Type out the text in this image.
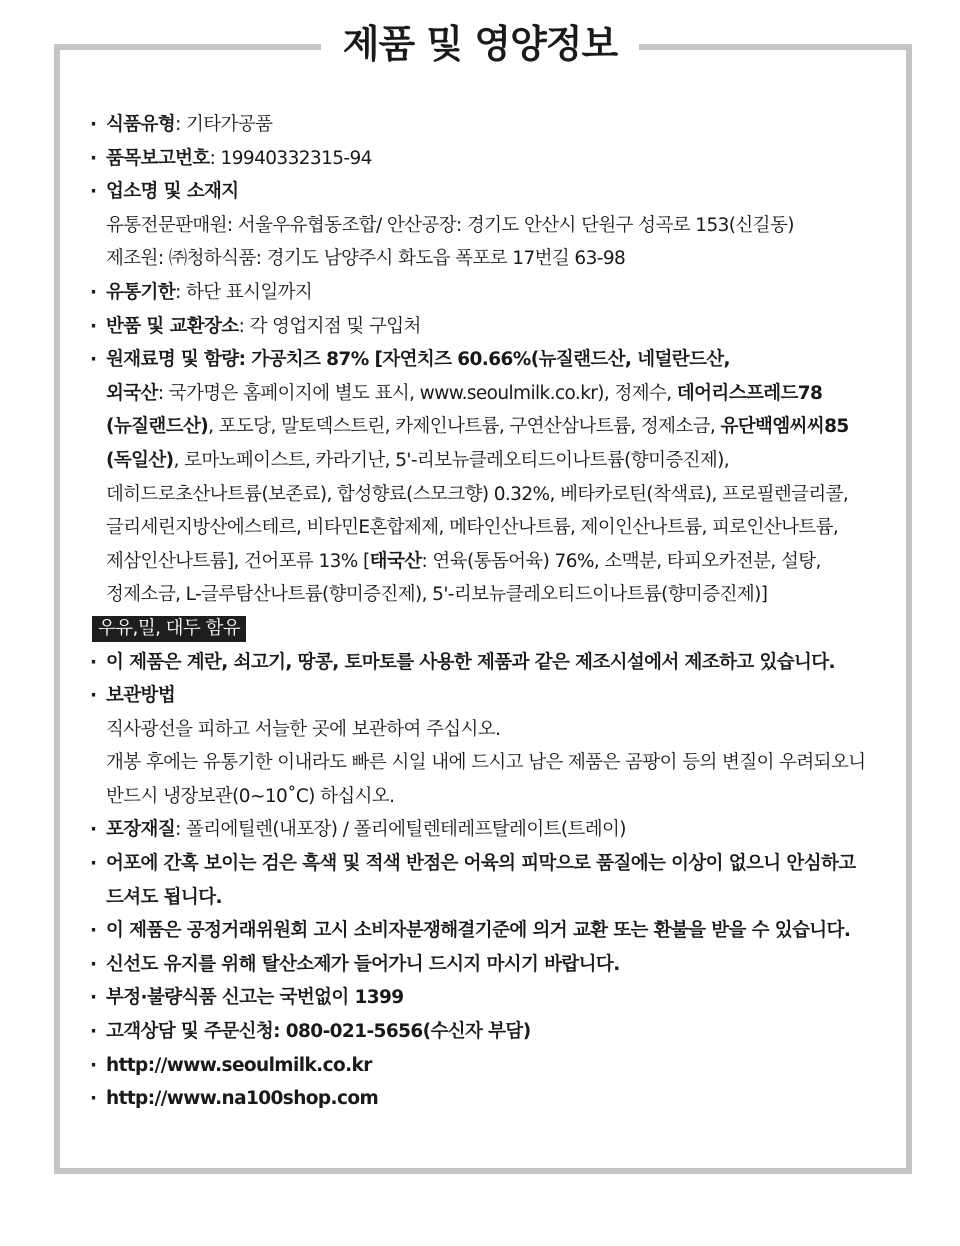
제품 및 영양정보
· 식품유형: 기타가공품
· 품목보고번호: 19940332315-94
· 업소명 및 소재지
유통전문판매원: 서울우유협동조합/ 안산공장: 경기도 안산시 단원구 성곡로 153(신길동)
제조원: ㈜청하식품: 경기도 남양주시 화도읍 폭포로 17번길 63-98
· 유통기한: 하단 표시일까지
· 반품 및 교환장소: 각 영업지점 및 구입처
· 원재료명 및 함량: 가공치즈 87% [자연치즈 60.66%(뉴질랜드산, 네덜란드산,
외국산: 국가명은 홈페이지에 별도 표시, www.seoulmilk.co.kr), 정제수, 데어리스프레드78
(뉴질랜드산), 포도당, 말토덱스트린, 카제인나트륨, 구연산삼나트륨, 정제소금, 유단백엠씨씨85
(독일산), 로마노페이스트, 카라기난, 5'-리보뉴클레오티드이나트륨(향미증진제),
데히드로초산나트륨(보존료), 합성향료(스모크향) 0.32%, 베타카로틴(착색료), 프로필렌글리콜,
글리세린지방산에스테르, 비타민E혼합제제, 메타인산나트륨, 제이인산나트륨, 피로인산나트륨,
제삼인산나트륨], 건어포류 13% [태국산: 연육(통돔어육) 76%, 소맥분, 타피오카전분, 설탕,
정제소금, L-글루탐산나트륨(향미증진제), 5'-리보뉴클레오티드이나트륨(향미증진제)]
우유,밀, 대두 함유
· 이 제품은 계란, 쇠고기, 땅콩, 토마토를 사용한 제품과 같은 제조시설에서 제조하고 있습니다.
· 보관방법
직사광선을 피하고 서늘한 곳에 보관하여 주십시오.
개봉 후에는 유통기한 이내라도 빠른 시일 내에 드시고 남은 제품은 곰팡이 등의 변질이 우려되오니
반드시 냉장보관(0~10˚C) 하십시오.
· 포장재질: 폴리에틸렌(내포장) / 폴리에틸렌테레프탈레이트(트레이)
· 어포에 간혹 보이는 검은 흑색 및 적색 반점은 어육의 피막으로 품질에는 이상이 없으니 안심하고
드셔도 됩니다.
· 이 제품은 공정거래위원회 고시 소비자분쟁해결기준에 의거 교환 또는 환불을 받을 수 있습니다.
· 신선도 유지를 위해 탈산소제가 들어가니 드시지 마시기 바랍니다.
· 부정·불량식품 신고는 국번없이 1399
· 고객상담 및 주문신청: 080-021-5656(수신자 부담)
· http://www.seoulmilk.co.kr
· http://www.na100shop.com
